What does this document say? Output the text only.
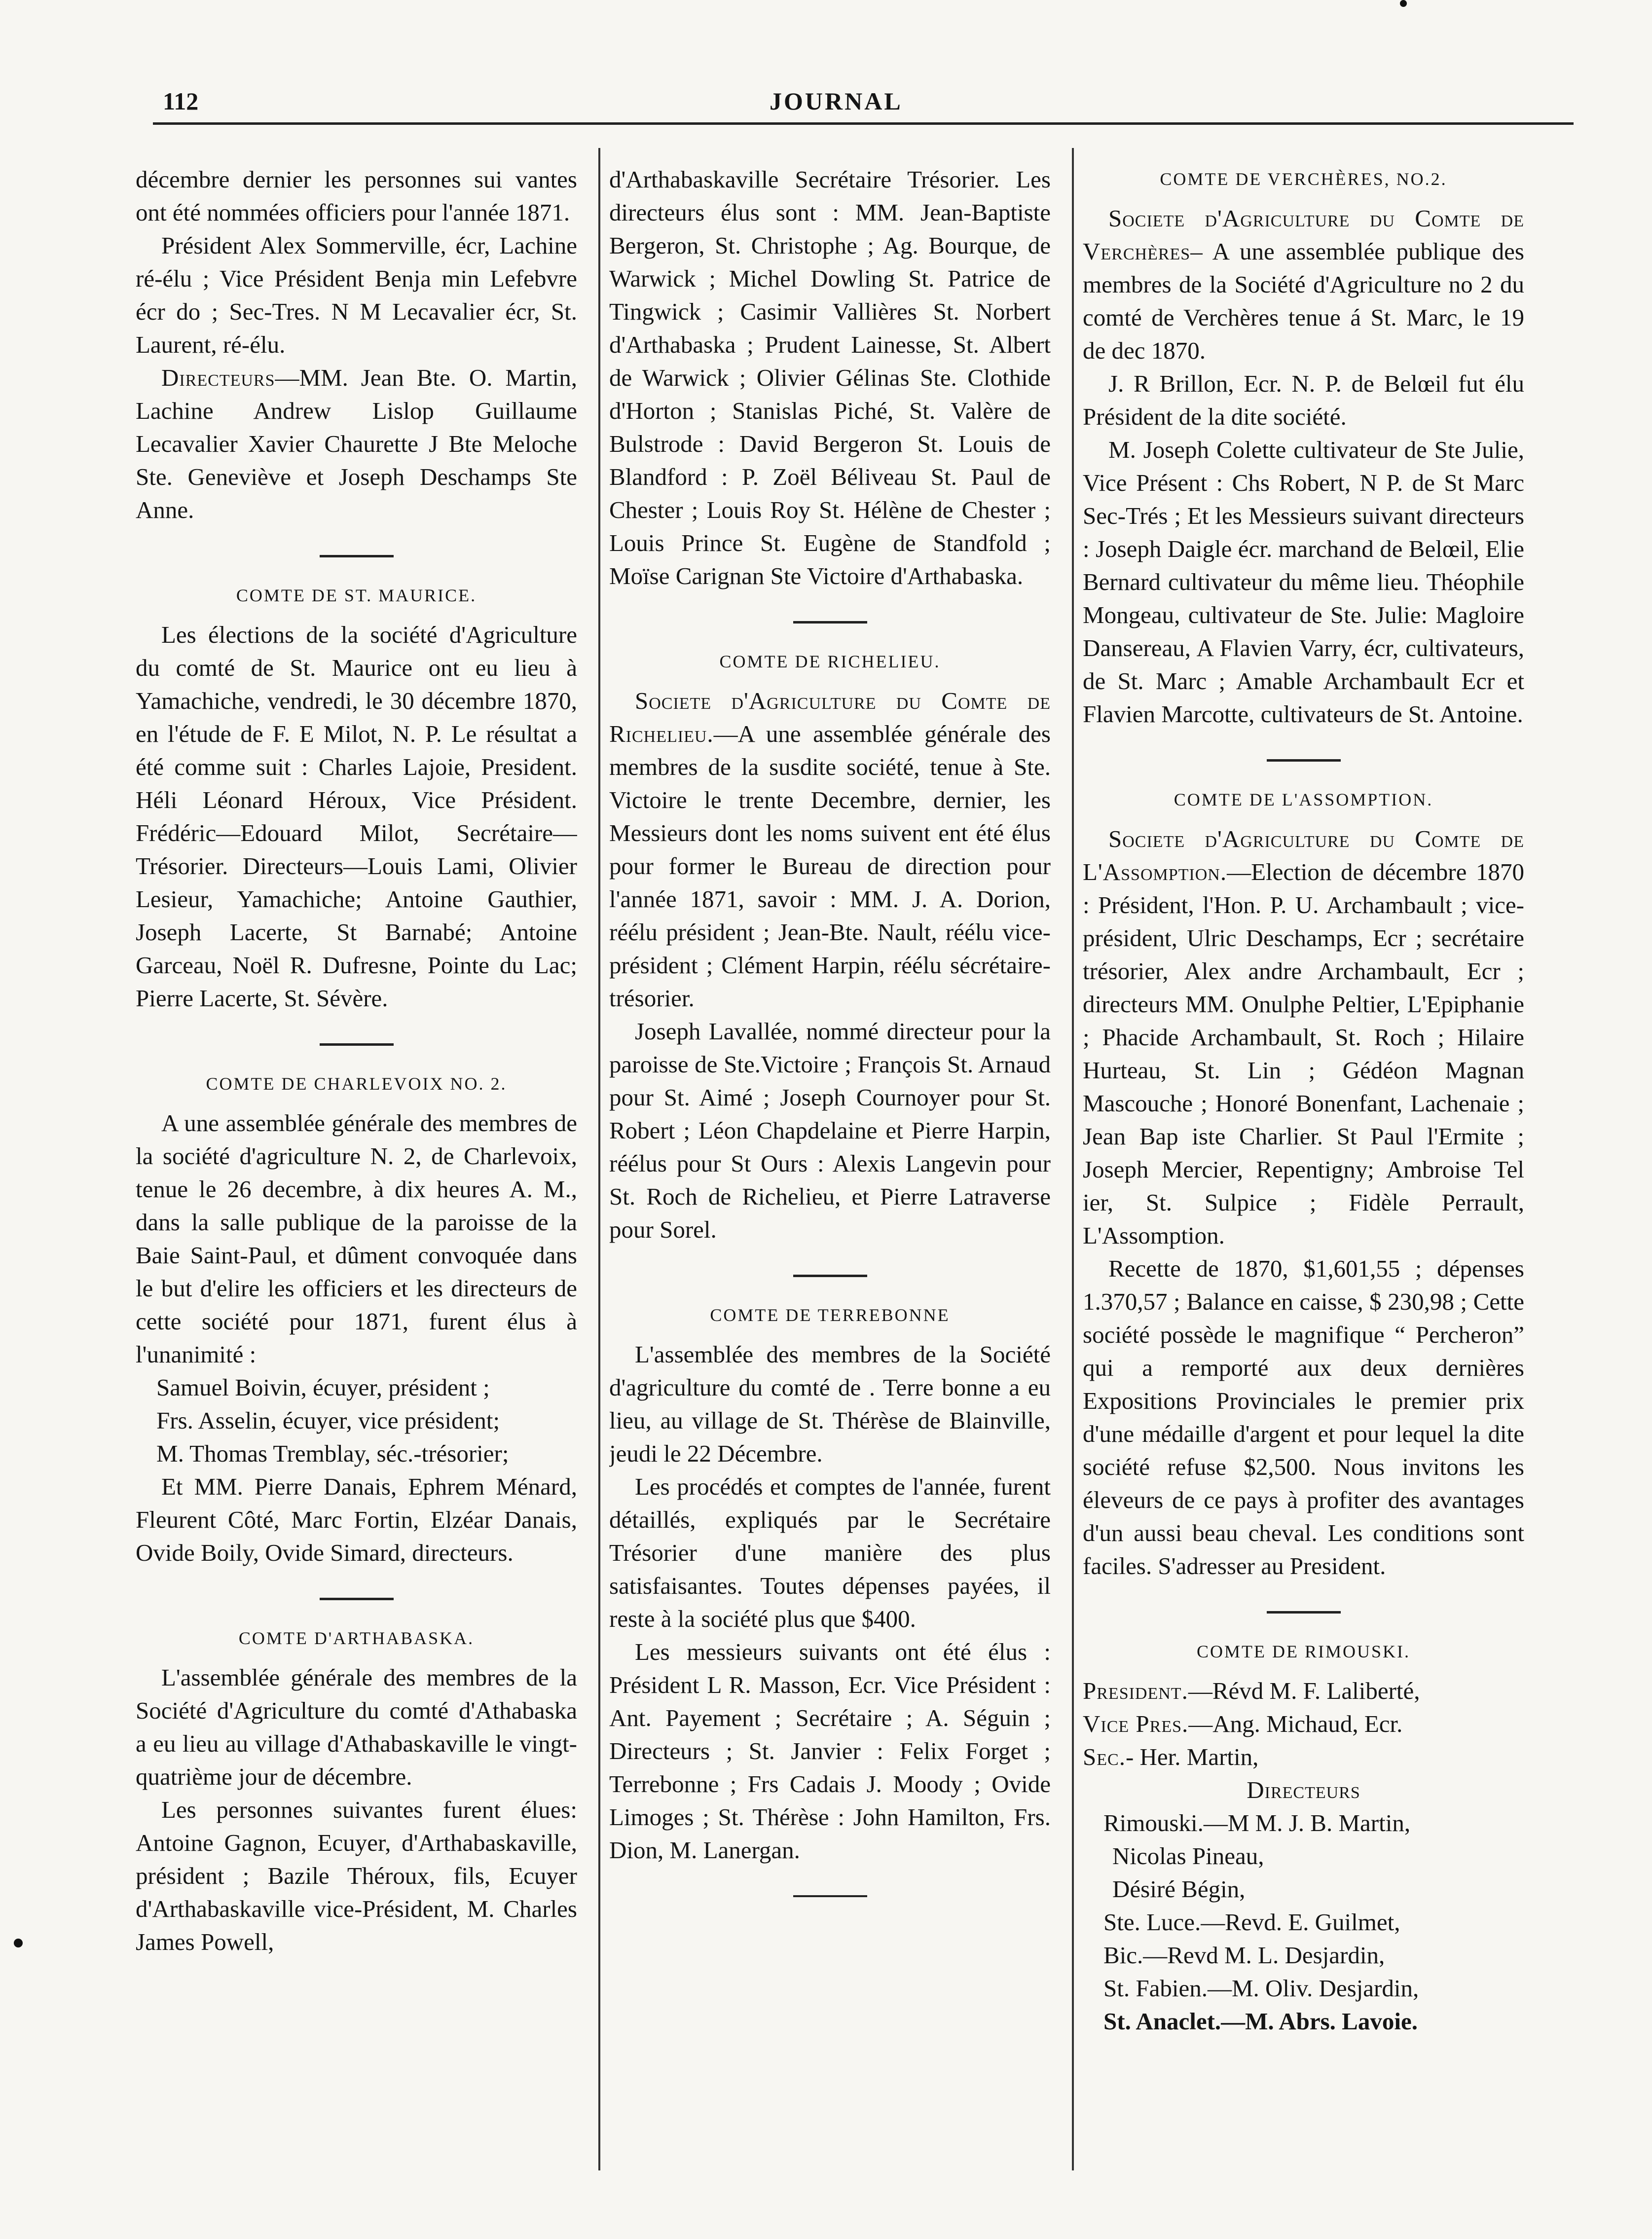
112	JOURNAL

décembre dernier les personnes sui vantes ont été nommées officiers pour l'année 1871.

Président Alex Sommerville, écr, Lachine ré-élu ; Vice Président Benja min Lefebvre écr do ; Sec-Tres. N M Lecavalier écr, St. Laurent, ré-élu.

Directeurs—MM. Jean Bte. O. Martin, Lachine Andrew Lislop Guillaume Lecavalier Xavier Chaurette J Bte Meloche Ste. Geneviève et Joseph Deschamps Ste Anne.

COMTE DE ST. MAURICE.

Les élections de la société d'Agriculture du comté de St. Maurice ont eu lieu à Yamachiche, vendredi, le 30 décembre 1870, en l'étude de F. E Milot, N. P. Le résultat a été comme suit : Charles Lajoie, President. Héli Léonard Héroux, Vice Président. Frédéric—Edouard Milot, Secrétaire—Trésorier. Directeurs—Louis Lami, Olivier Lesieur, Yamachiche; Antoine Gauthier, Joseph Lacerte, St Barnabé; Antoine Garceau, Noël R. Dufresne, Pointe du Lac; Pierre Lacerte, St. Sévère.

COMTE DE CHARLEVOIX NO. 2.

A une assemblée générale des membres de la société d'agriculture N. 2, de Charlevoix, tenue le 26 decembre, à dix heures A. M., dans la salle publique de la paroisse de la Baie Saint-Paul, et dûment convoquée dans le but d'elire les officiers et les directeurs de cette société pour 1871, furent élus à l'unanimité :

Samuel Boivin, écuyer, président ;

Frs. Asselin, écuyer, vice président;

M. Thomas Tremblay, séc.-trésorier;

Et MM. Pierre Danais, Ephrem Ménard, Fleurent Côté, Marc Fortin, Elzéar Danais, Ovide Boily, Ovide Simard, directeurs.

COMTE D'ARTHABASKA.

L'assemblée générale des membres de la Société d'Agriculture du comté d'Athabaska a eu lieu au village d'Athabaskaville le vingt-quatrième jour de décembre.

Les personnes suivantes furent élues: Antoine Gagnon, Ecuyer, d'Arthabaskaville, président ; Bazile Théroux, fils, Ecuyer d'Arthabaskaville vice-Président, M. Charles James Powell,

d'Arthabaskaville Secrétaire Trésorier. Les directeurs élus sont : MM. Jean-Baptiste Bergeron, St. Christophe ; Ag. Bourque, de Warwick ; Michel Dowling St. Patrice de Tingwick ; Casimir Vallières St. Norbert d'Arthabaska ; Prudent Lainesse, St. Albert de Warwick ; Olivier Gélinas Ste. Clothide d'Horton ; Stanislas Piché, St. Valère de Bulstrode : David Bergeron St. Louis de Blandford : P. Zoël Béliveau St. Paul de Chester ; Louis Roy St. Hélène de Chester ; Louis Prince St. Eugène de Standfold ; Moïse Carignan Ste Victoire d'Arthabaska.

COMTE DE RICHELIEU.

Societe d'Agriculture du Comte de Richelieu.—A une assemblée générale des membres de la susdite société, tenue à Ste. Victoire le trente Decembre, dernier, les Messieurs dont les noms suivent ent été élus pour former le Bureau de direction pour l'année 1871, savoir : MM. J. A. Dorion, réélu président ; Jean-Bte. Nault, réélu vice- président ; Clément Harpin, réélu sécrétaire-trésorier.

Joseph Lavallée, nommé directeur pour la paroisse de Ste.Victoire ; François St. Arnaud pour St. Aimé ; Joseph Cournoyer pour St. Robert ; Léon Chapdelaine et Pierre Harpin, réélus pour St Ours : Alexis Langevin pour St. Roch de Richelieu, et Pierre Latraverse pour Sorel.

COMTE DE TERREBONNE

L'assemblée des membres de la Société d'agriculture du comté de . Terre bonne a eu lieu, au village de St. Thérèse de Blainville, jeudi le 22 Décembre.

Les procédés et comptes de l'année, furent détaillés, expliqués par le Secrétaire Trésorier d'une manière des plus satisfaisantes. Toutes dépenses payées, il reste à la société plus que $400.

Les messieurs suivants ont été élus : Président L R. Masson, Ecr. Vice Président : Ant. Payement ; Secrétaire ; A. Séguin ; Directeurs ; St. Janvier : Felix Forget ; Terrebonne ; Frs Cadais J. Moody ; Ovide Limoges ; St. Thérèse : John Hamilton, Frs. Dion, M. Lanergan.

COMTE DE VERCHÈRES, NO.2.

Societe d'Agriculture du Comte de Verchères– A une assemblée publique des membres de la Société d'Agriculture no 2 du comté de Verchères tenue á St. Marc, le 19 de dec 1870.

J. R Brillon, Ecr. N. P. de Belœil fut élu Président de la dite société.

M. Joseph Colette cultivateur de Ste Julie, Vice Présent : Chs Robert, N P. de St Marc Sec-Trés ; Et les Messieurs suivant directeurs : Joseph Daigle écr. marchand de Belœil, Elie Bernard cultivateur du même lieu. Théophile Mongeau, cultivateur de Ste. Julie: Magloire Dansereau, A Flavien Varry, écr, cultivateurs, de St. Marc ; Amable Archambault Ecr et Flavien Marcotte, cultivateurs de St. Antoine.

COMTE DE L'ASSOMPTION.

Societe d'Agriculture du Comte de L'Assomption.—Election de décembre 1870 : Président, l'Hon. P. U. Archambault ; vice-président, Ulric Deschamps, Ecr ; secrétaire trésorier, Alex andre Archambault, Ecr ; directeurs MM. Onulphe Peltier, L'Epiphanie ; Phacide Archambault, St. Roch ; Hilaire Hurteau, St. Lin ; Gédéon Magnan Mascouche ; Honoré Bonenfant, Lachenaie ; Jean Bap iste Charlier. St Paul l'Ermite ; Joseph Mercier, Repentigny; Ambroise Tel ier, St. Sulpice ; Fidèle Perrault, L'Assomption.

Recette de 1870, $1,601,55 ; dépenses 1.370,57 ; Balance en caisse, $ 230,98 ; Cette société possède le magnifique “ Percheron” qui a remporté aux deux dernières Expositions Provinciales le premier prix d'une médaille d'argent et pour lequel la dite société refuse $2,500. Nous invitons les éleveurs de ce pays à profiter des avantages d'un aussi beau cheval. Les conditions sont faciles. S'adresser au President.

COMTE DE RIMOUSKI.

President.—Révd M. F. Laliberté,

Vice Pres.—Ang. Michaud, Ecr.

Sec.- Her. Martin,

Directeurs

Rimouski.—M M. J. B. Martin,

Nicolas Pineau,

Désiré Bégin,

Ste. Luce.—Revd. E. Guilmet,

Bic.—Revd M. L. Desjardin,

St. Fabien.—M. Oliv. Desjardin,

St. Anaclet.—M. Abrs. Lavoie.
